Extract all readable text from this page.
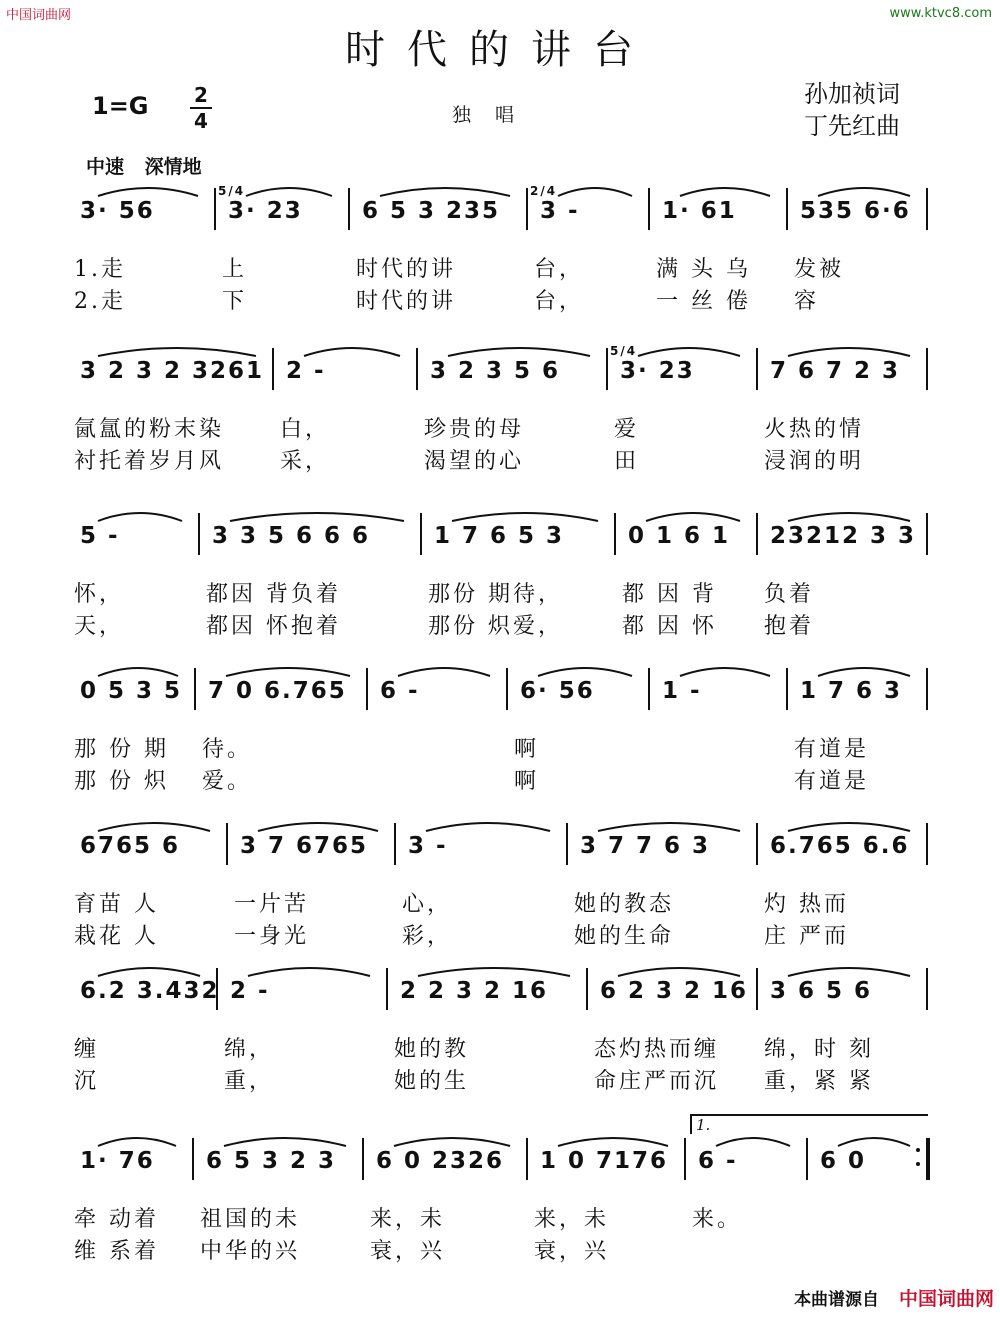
中国词曲网	www.ktvc8.com
时代的讲台
1=G 2
4	独唱
孙加祯词
丁先红曲
中速 深情地
3· 56	3· 23	6 5 3 235 3 -	1· 61	535 6·6
5/4	2/4
1.走	上	时代的讲	台，	满 头 乌 发被
2.走	下	时代的讲	台，	一 丝 倦 容
3 2 3 2 3261 2 -	3 2 3 5 6	3· 23	7 6 7 2 3
5/4
氤氲的粉末染	白，	珍贵的母	爱	火热的情
衬托着岁月风	采，	渴望的心	田	浸润的明
5 -	3 3 5 6 6 6	1 7 6 5 3	0 1 6 1 23212 3 3
怀，	都因 背负着	那份 期待，	都 因 背 负着
天，	都因 怀抱着	那份 炽爱，	都 因 怀 抱着
0 5 3 5 7 0 6.765 6 -	6· 56	1 -	1 7 6 3
那 份 期 待。	啊	有道是
那 份 炽 爱。	啊	有道是
6765 6	3 7 6765 3 -	3 7 7 6 3	6.765 6.6
育苗 人	一片苦	心，	她的教态	灼 热而
栽花 人	一身光	彩，	她的生命	庄 严而
6.2 3.432 2 -	2 2 3 2 16 6 2 3 2 16 3 6 5 6
缠	绵，	她的教	态灼热而缠 绵，时 刻
沉	重，	她的生	命庄严而沉 重，紧 紧
1· 76 6 5 3 2 3 6 0 2326 1 0 7176 6 -	6 0
1.
牵 动着 祖国的未	来，未	来，未	来。
维 系着 中华的兴	衰，兴	衰，兴
本曲谱源自 中国词曲网
